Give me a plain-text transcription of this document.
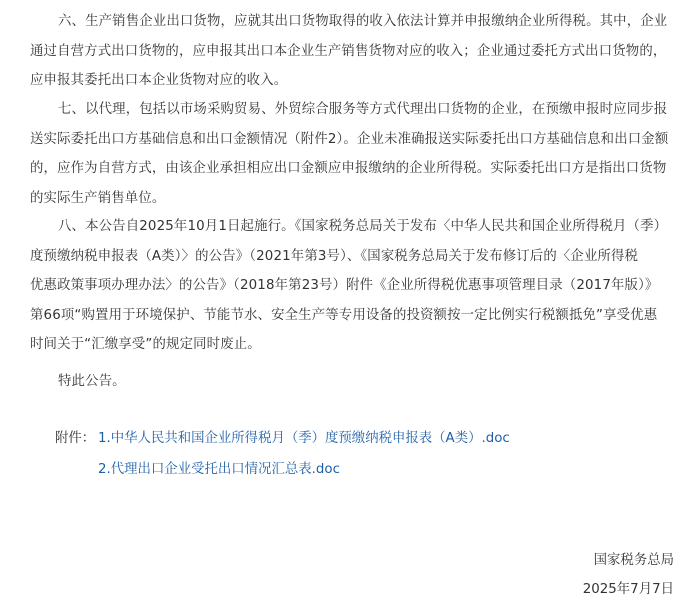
六、生产销售企业出口货物，应就其出口货物取得的收入依法计算并申报缴纳企业所得税。其中，企业
通过自营方式出口货物的，应申报其出口本企业生产销售货物对应的收入；企业通过委托方式出口货物的，
应申报其委托出口本企业货物对应的收入。

七、以代理，包括以市场采购贸易、外贸综合服务等方式代理出口货物的企业，在预缴申报时应同步报
送实际委托出口方基础信息和出口金额情况（附件2）。企业未准确报送实际委托出口方基础信息和出口金额
的，应作为自营方式，由该企业承担相应出口金额应申报缴纳的企业所得税。实际委托出口方是指出口货物
的实际生产销售单位。

八、本公告自2025年10月1日起施行。《国家税务总局关于发布〈中华人民共和国企业所得税月（季）
度预缴纳税申报表（A类）〉的公告》（2021年第3号）、《国家税务总局关于发布修订后的〈企业所得税
优惠政策事项办理办法〉的公告》（2018年第23号）附件《企业所得税优惠事项管理目录（2017年版）》
第66项“购置用于环境保护、节能节水、安全生产等专用设备的投资额按一定比例实行税额抵免”享受优惠
时间关于“汇缴享受”的规定同时废止。

特此公告。

附件： 1.中华人民共和国企业所得税月（季）度预缴纳税申报表（A类）.doc
2.代理出口企业受托出口情况汇总表.doc
国家税务总局
2025年7月7日
